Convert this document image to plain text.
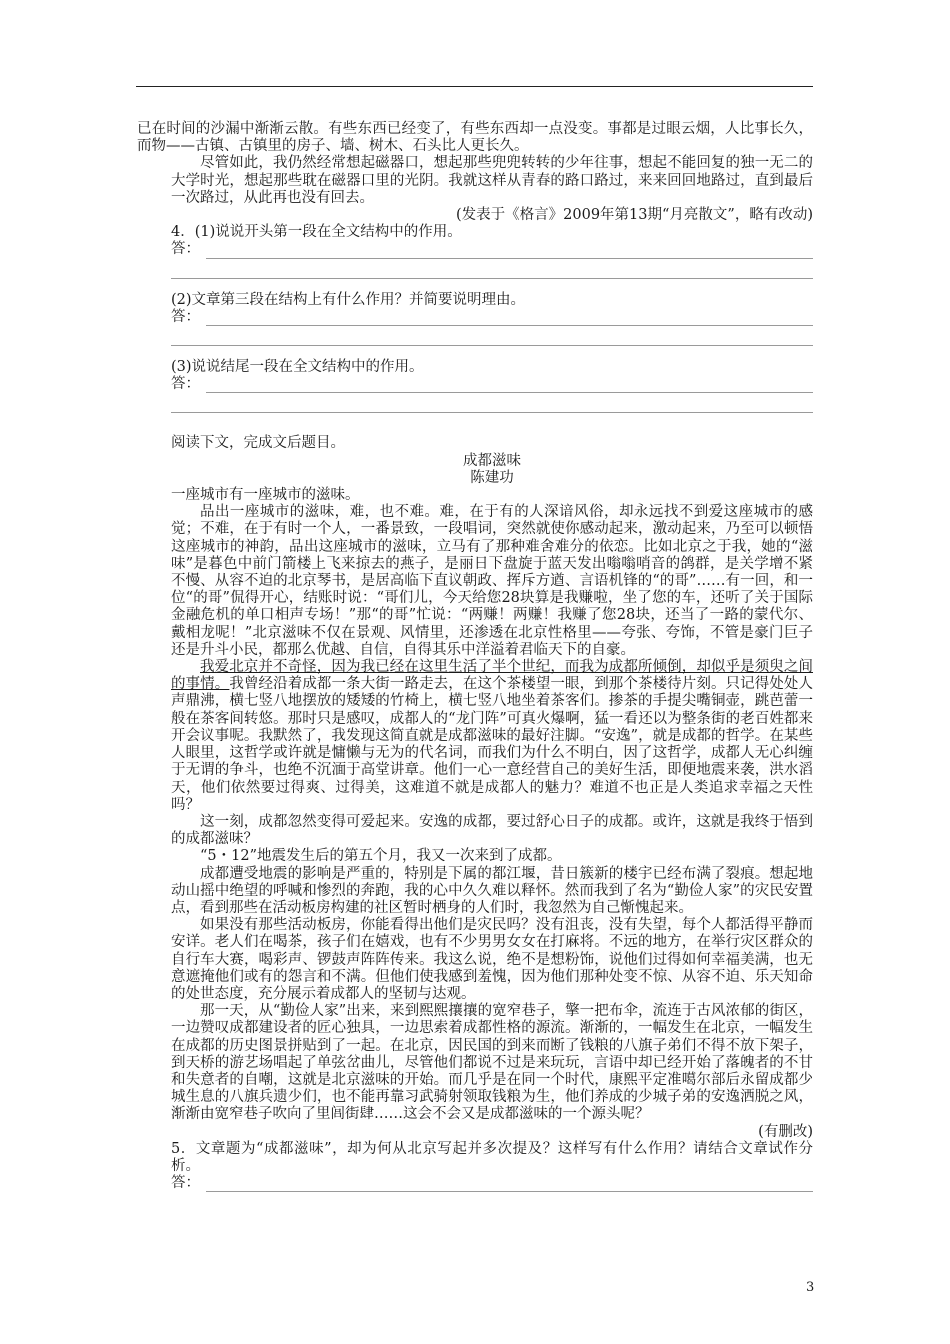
已在时间的沙漏中渐渐云散。有些东西已经变了，有些东西却一点没变。事都是过眼云烟，人比事长久，而物——古镇、古镇里的房子、墙、树木、石头比人更长久。

尽管如此，我仍然经常想起磁器口，想起那些兜兜转转的少年往事，想起不能回复的独一无二的大学时光，想起那些耽在磁器口里的光阴。我就这样从青春的路口路过，来来回回地路过，直到最后一次路过，从此再也没有回去。

(发表于《格言》2009年第13期“月亮散文”，略有改动)

4．(1)说说开头第一段在全文结构中的作用。

答：

(2)文章第三段在结构上有什么作用？并简要说明理由。

答：

(3)说说结尾一段在全文结构中的作用。

答：

阅读下文，完成文后题目。

成都滋味

陈建功

一座城市有一座城市的滋味。

品出一座城市的滋味，难，也不难。难，在于有的人深谙风俗，却永远找不到爱这座城市的感觉；不难，在于有时一个人，一番景致，一段唱词，突然就使你感动起来，激动起来，乃至可以顿悟这座城市的神韵，品出这座城市的滋味，立马有了那种难舍难分的依恋。比如北京之于我，她的“滋味”是暮色中前门箭楼上飞来掠去的燕子，是丽日下盘旋于蓝天发出嗡嗡哨音的鸽群，是关学增不紧不慢、从容不迫的北京琴书，是居高临下直议朝政、挥斥方遒、言语机锋的“的哥”……有一回，和一位“的哥”侃得开心，结账时说：“哥们儿，今天给您28块算是我赚啦，坐了您的车，还听了关于国际金融危机的单口相声专场！”那“的哥”忙说：“两赚！两赚！我赚了您28块，还当了一路的蒙代尔、戴相龙呢！”北京滋味不仅在景观、风情里，还渗透在北京性格里——夸张、夸饰，不管是豪门巨子还是升斗小民，都那么优越、自信，自得其乐中洋溢着君临天下的自豪。

我爱北京并不奇怪，因为我已经在这里生活了半个世纪，而我为成都所倾倒，却似乎是须臾之间的事情。我曾经沿着成都一条大街一路走去，在这个茶楼望一眼，到那个茶楼待片刻。只记得处处人声鼎沸，横七竖八地摆放的矮矮的竹椅上，横七竖八地坐着茶客们。掺茶的手提尖嘴铜壶，跳芭蕾一般在茶客间转悠。那时只是感叹，成都人的“龙门阵”可真火爆啊，猛一看还以为整条街的老百姓都来开会议事呢。我默然了，我发现这简直就是成都滋味的最好注脚。“安逸”，就是成都的哲学。在某些人眼里，这哲学或许就是慵懒与无为的代名词，而我们为什么不明白，因了这哲学，成都人无心纠缠于无谓的争斗，也绝不沉湎于高堂讲章。他们一心一意经营自己的美好生活，即便地震来袭，洪水滔天，他们依然要过得爽、过得美，这难道不就是成都人的魅力？难道不也正是人类追求幸福之天性吗？

这一刻，成都忽然变得可爱起来。安逸的成都，要过舒心日子的成都。或许，这就是我终于悟到的成都滋味？

“5・12”地震发生后的第五个月，我又一次来到了成都。

成都遭受地震的影响是严重的，特别是下属的都江堰，昔日簇新的楼宇已经布满了裂痕。想起地动山摇中绝望的呼喊和惨烈的奔跑，我的心中久久难以释怀。然而我到了名为“勤俭人家”的灾民安置点，看到那些在活动板房构建的社区暂时栖身的人们时，我忽然为自己惭愧起来。

如果没有那些活动板房，你能看得出他们是灾民吗？没有沮丧，没有失望，每个人都活得平静而安详。老人们在喝茶，孩子们在嬉戏，也有不少男男女女在打麻将。不远的地方，在举行灾区群众的自行车大赛，喝彩声、锣鼓声阵阵传来。我这么说，绝不是想粉饰，说他们过得如何幸福美满，也无意遮掩他们或有的怨言和不满。但他们使我感到羞愧，因为他们那种处变不惊、从容不迫、乐天知命的处世态度，充分展示着成都人的坚韧与达观。

那一天，从“勤俭人家”出来，来到熙熙攘攘的宽窄巷子，擎一把布伞，流连于古风浓郁的街区，一边赞叹成都建设者的匠心独具，一边思索着成都性格的源流。渐渐的，一幅发生在北京，一幅发生在成都的历史图景拼贴到了一起。在北京，因民国的到来而断了钱粮的八旗子弟们不得不放下架子，到天桥的游艺场唱起了单弦岔曲儿，尽管他们都说不过是来玩玩，言语中却已经开始了落魄者的不甘和失意者的自嘲，这就是北京滋味的开始。而几乎是在同一个时代，康熙平定准噶尔部后永留成都少城生息的八旗兵遗少们，也不能再靠习武骑射领取钱粮为生，他们养成的少城子弟的安逸洒脱之风，渐渐由宽窄巷子吹向了里闾街肆……这会不会又是成都滋味的一个源头呢？

(有删改)

5．文章题为“成都滋味”，却为何从北京写起并多次提及？这样写有什么作用？请结合文章试作分析。

答：
3
